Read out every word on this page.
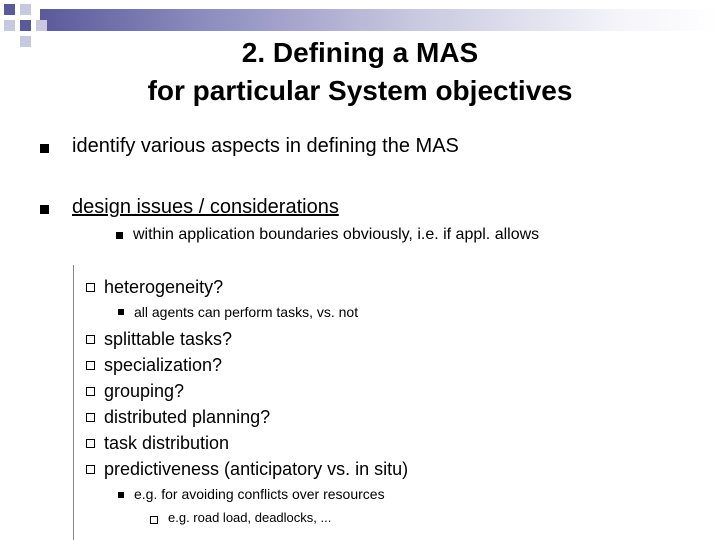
2. Defining a MAS
for particular System objectives
identify various aspects in defining the MAS
design issues / considerations
within application boundaries obviously, i.e. if appl. allows
heterogeneity?
all agents can perform tasks, vs. not
splittable tasks?
specialization?
grouping?
distributed planning?
task distribution
predictiveness (anticipatory vs. in situ)
e.g. for avoiding conflicts over resources
e.g. road load, deadlocks, ...
